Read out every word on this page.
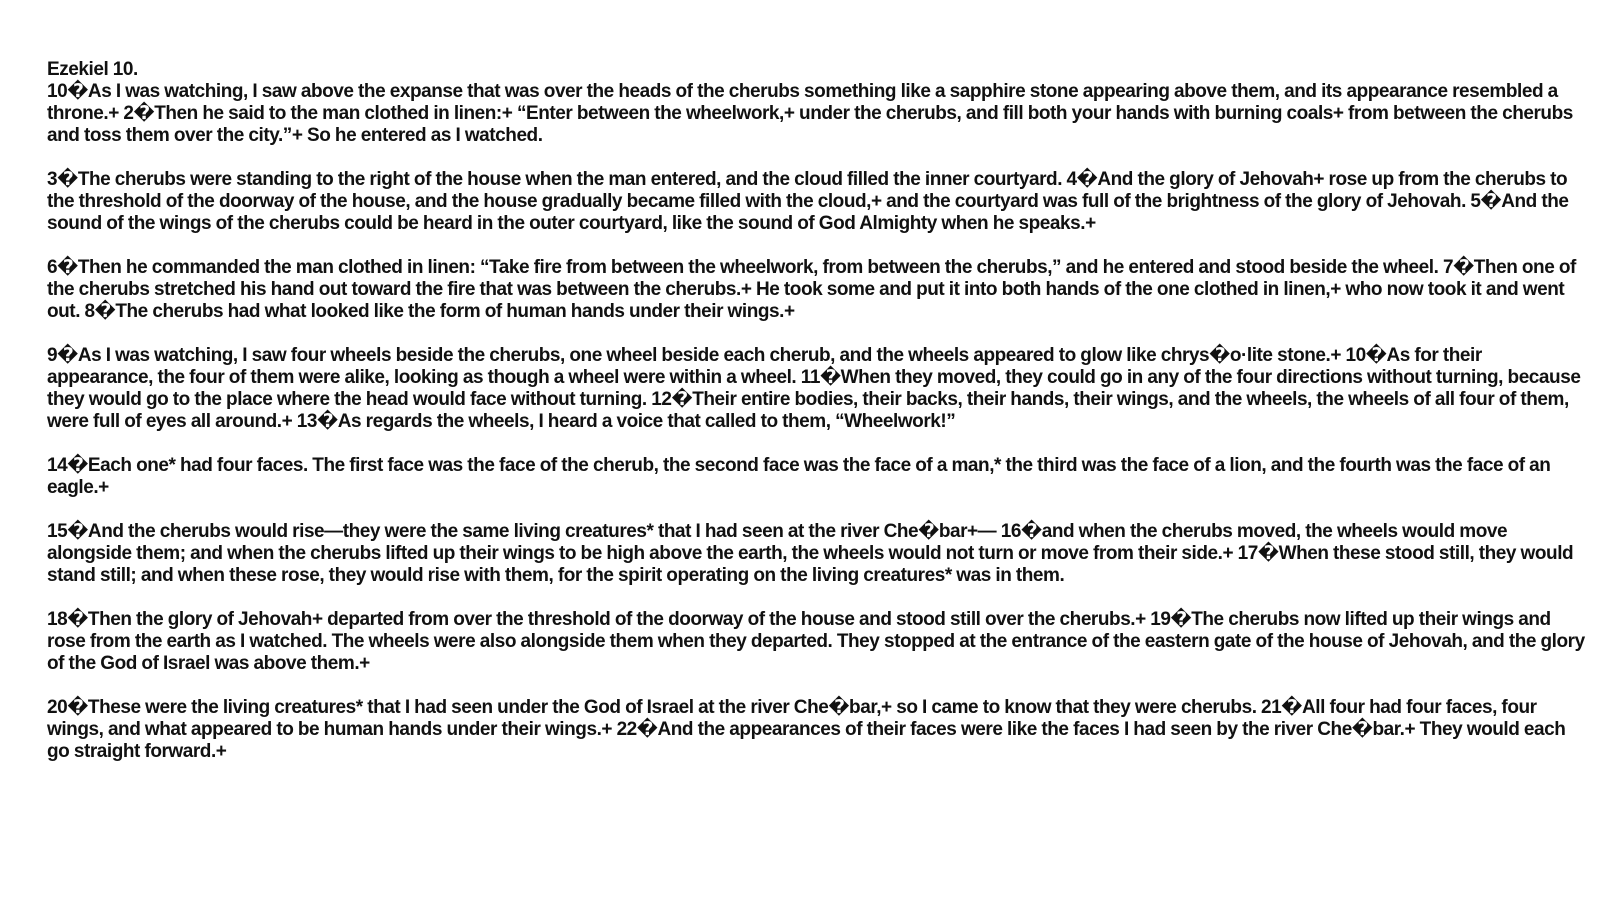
Ezekiel 10.

10�As I was watching, I saw above the expanse that was over the heads of the cherubs something like a sapphire stone appearing above them, and its appearance resembled a throne.+ 2�Then he said to the man clothed in linen:+ “Enter between the wheelwork,+ under the cherubs, and fill both your hands with burning coals+ from between the cherubs and toss them over the city.”+ So he entered as I watched.

3�The cherubs were standing to the right of the house when the man entered, and the cloud filled the inner courtyard. 4�And the glory of Jehovah+ rose up from the cherubs to the threshold of the doorway of the house, and the house gradually became filled with the cloud,+ and the courtyard was full of the brightness of the glory of Jehovah. 5�And the sound of the wings of the cherubs could be heard in the outer courtyard, like the sound of God Almighty when he speaks.+

6�Then he commanded the man clothed in linen: “Take fire from between the wheelwork, from between the cherubs,” and he entered and stood beside the wheel. 7�Then one of the cherubs stretched his hand out toward the fire that was between the cherubs.+ He took some and put it into both hands of the one clothed in linen,+ who now took it and went out. 8�The cherubs had what looked like the form of human hands under their wings.+

9�As I was watching, I saw four wheels beside the cherubs, one wheel beside each cherub, and the wheels appeared to glow like chrys�o·lite stone.+ 10�As for their appearance, the four of them were alike, looking as though a wheel were within a wheel. 11�When they moved, they could go in any of the four directions without turning, because they would go to the place where the head would face without turning. 12�Their entire bodies, their backs, their hands, their wings, and the wheels, the wheels of all four of them, were full of eyes all around.+ 13�As regards the wheels, I heard a voice that called to them, “Wheelwork!”

14�Each one* had four faces. The first face was the face of the cherub, the second face was the face of a man,* the third was the face of a lion, and the fourth was the face of an eagle.+

15�And the cherubs would rise—they were the same living creatures* that I had seen at the river Che�bar+— 16�and when the cherubs moved, the wheels would move alongside them; and when the cherubs lifted up their wings to be high above the earth, the wheels would not turn or move from their side.+ 17�When these stood still, they would stand still; and when these rose, they would rise with them, for the spirit operating on the living creatures* was in them.

18�Then the glory of Jehovah+ departed from over the threshold of the doorway of the house and stood still over the cherubs.+ 19�The cherubs now lifted up their wings and rose from the earth as I watched. The wheels were also alongside them when they departed. They stopped at the entrance of the eastern gate of the house of Jehovah, and the glory of the God of Israel was above them.+

20�These were the living creatures* that I had seen under the God of Israel at the river Che�bar,+ so I came to know that they were cherubs. 21�All four had four faces, four wings, and what appeared to be human hands under their wings.+ 22�And the appearances of their faces were like the faces I had seen by the river Che�bar.+ They would each go straight forward.+
